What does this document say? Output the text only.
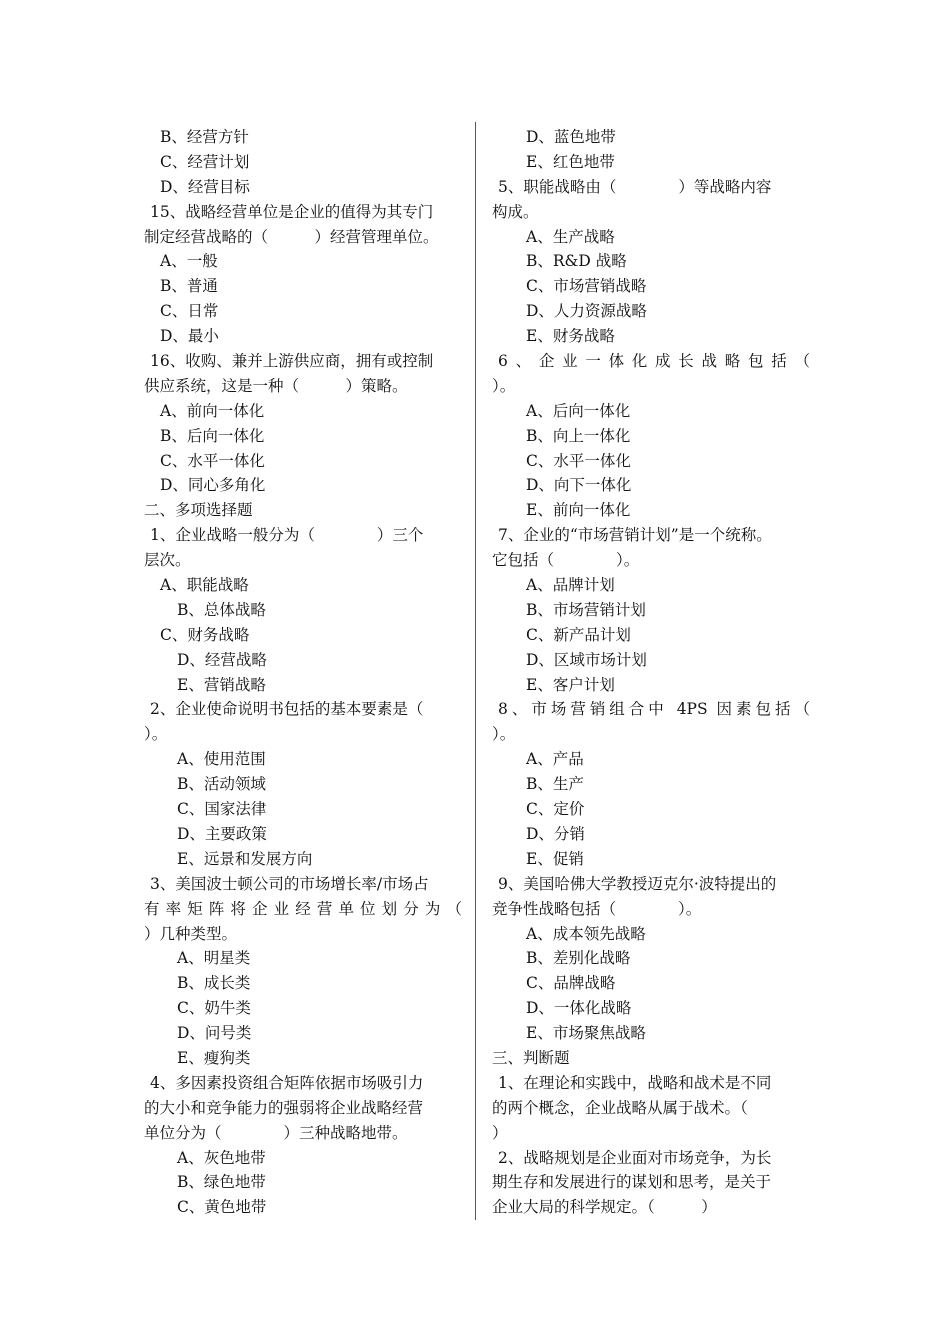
B、经营方针
C、经营计划
D、经营目标
15、战略经营单位是企业的值得为其专门
制定经营战略的（　　　）经营管理单位。
A、一般
B、普通
C、日常
D、最小
16、收购、兼并上游供应商，拥有或控制
供应系统，这是一种（　　　）策略。
A、前向一体化
B、后向一体化
C、水平一体化
D、同心多角化
二、多项选择题
1、企业战略一般分为（　　　　）三个
层次。
A、职能战略
B、总体战略
C、财务战略
D、经营战略
E、营销战略
2、企业使命说明书包括的基本要素是（
）。
A、使用范围
B、活动领域
C、国家法律
D、主要政策
E、远景和发展方向
3、美国波士顿公司的市场增长率/市场占
有率矩阵将企业经营单位划分为（
）几种类型。
A、明星类
B、成长类
C、奶牛类
D、问号类
E、瘦狗类
4、多因素投资组合矩阵依据市场吸引力
的大小和竞争能力的强弱将企业战略经营
单位分为（　　　　）三种战略地带。
A、灰色地带
B、绿色地带
C、黄色地带
D、蓝色地带
E、红色地带
5、职能战略由（　　　　）等战略内容
构成。
A、生产战略
B、R&D 战略
C、市场营销战略
D、人力资源战略
E、财务战略
6、企业一体化成长战略包括（
）。
A、后向一体化
B、向上一体化
C、水平一体化
D、向下一体化
E、前向一体化
7、企业的“市场营销计划”是一个统称。
它包括（　　　　）。
A、品牌计划
B、市场营销计划
C、新产品计划
D、区域市场计划
E、客户计划
8、市场营销组合中 4PS 因素包括（
）。
A、产品
B、生产
C、定价
D、分销
E、促销
9、美国哈佛大学教授迈克尔·波特提出的
竞争性战略包括（　　　　）。
A、成本领先战略
B、差别化战略
C、品牌战略
D、一体化战略
E、市场聚焦战略
三、判断题
1、在理论和实践中，战略和战术是不同
的两个概念，企业战略从属于战术。（
）
2、战略规划是企业面对市场竞争，为长
期生存和发展进行的谋划和思考，是关于
企业大局的科学规定。（　　　）
